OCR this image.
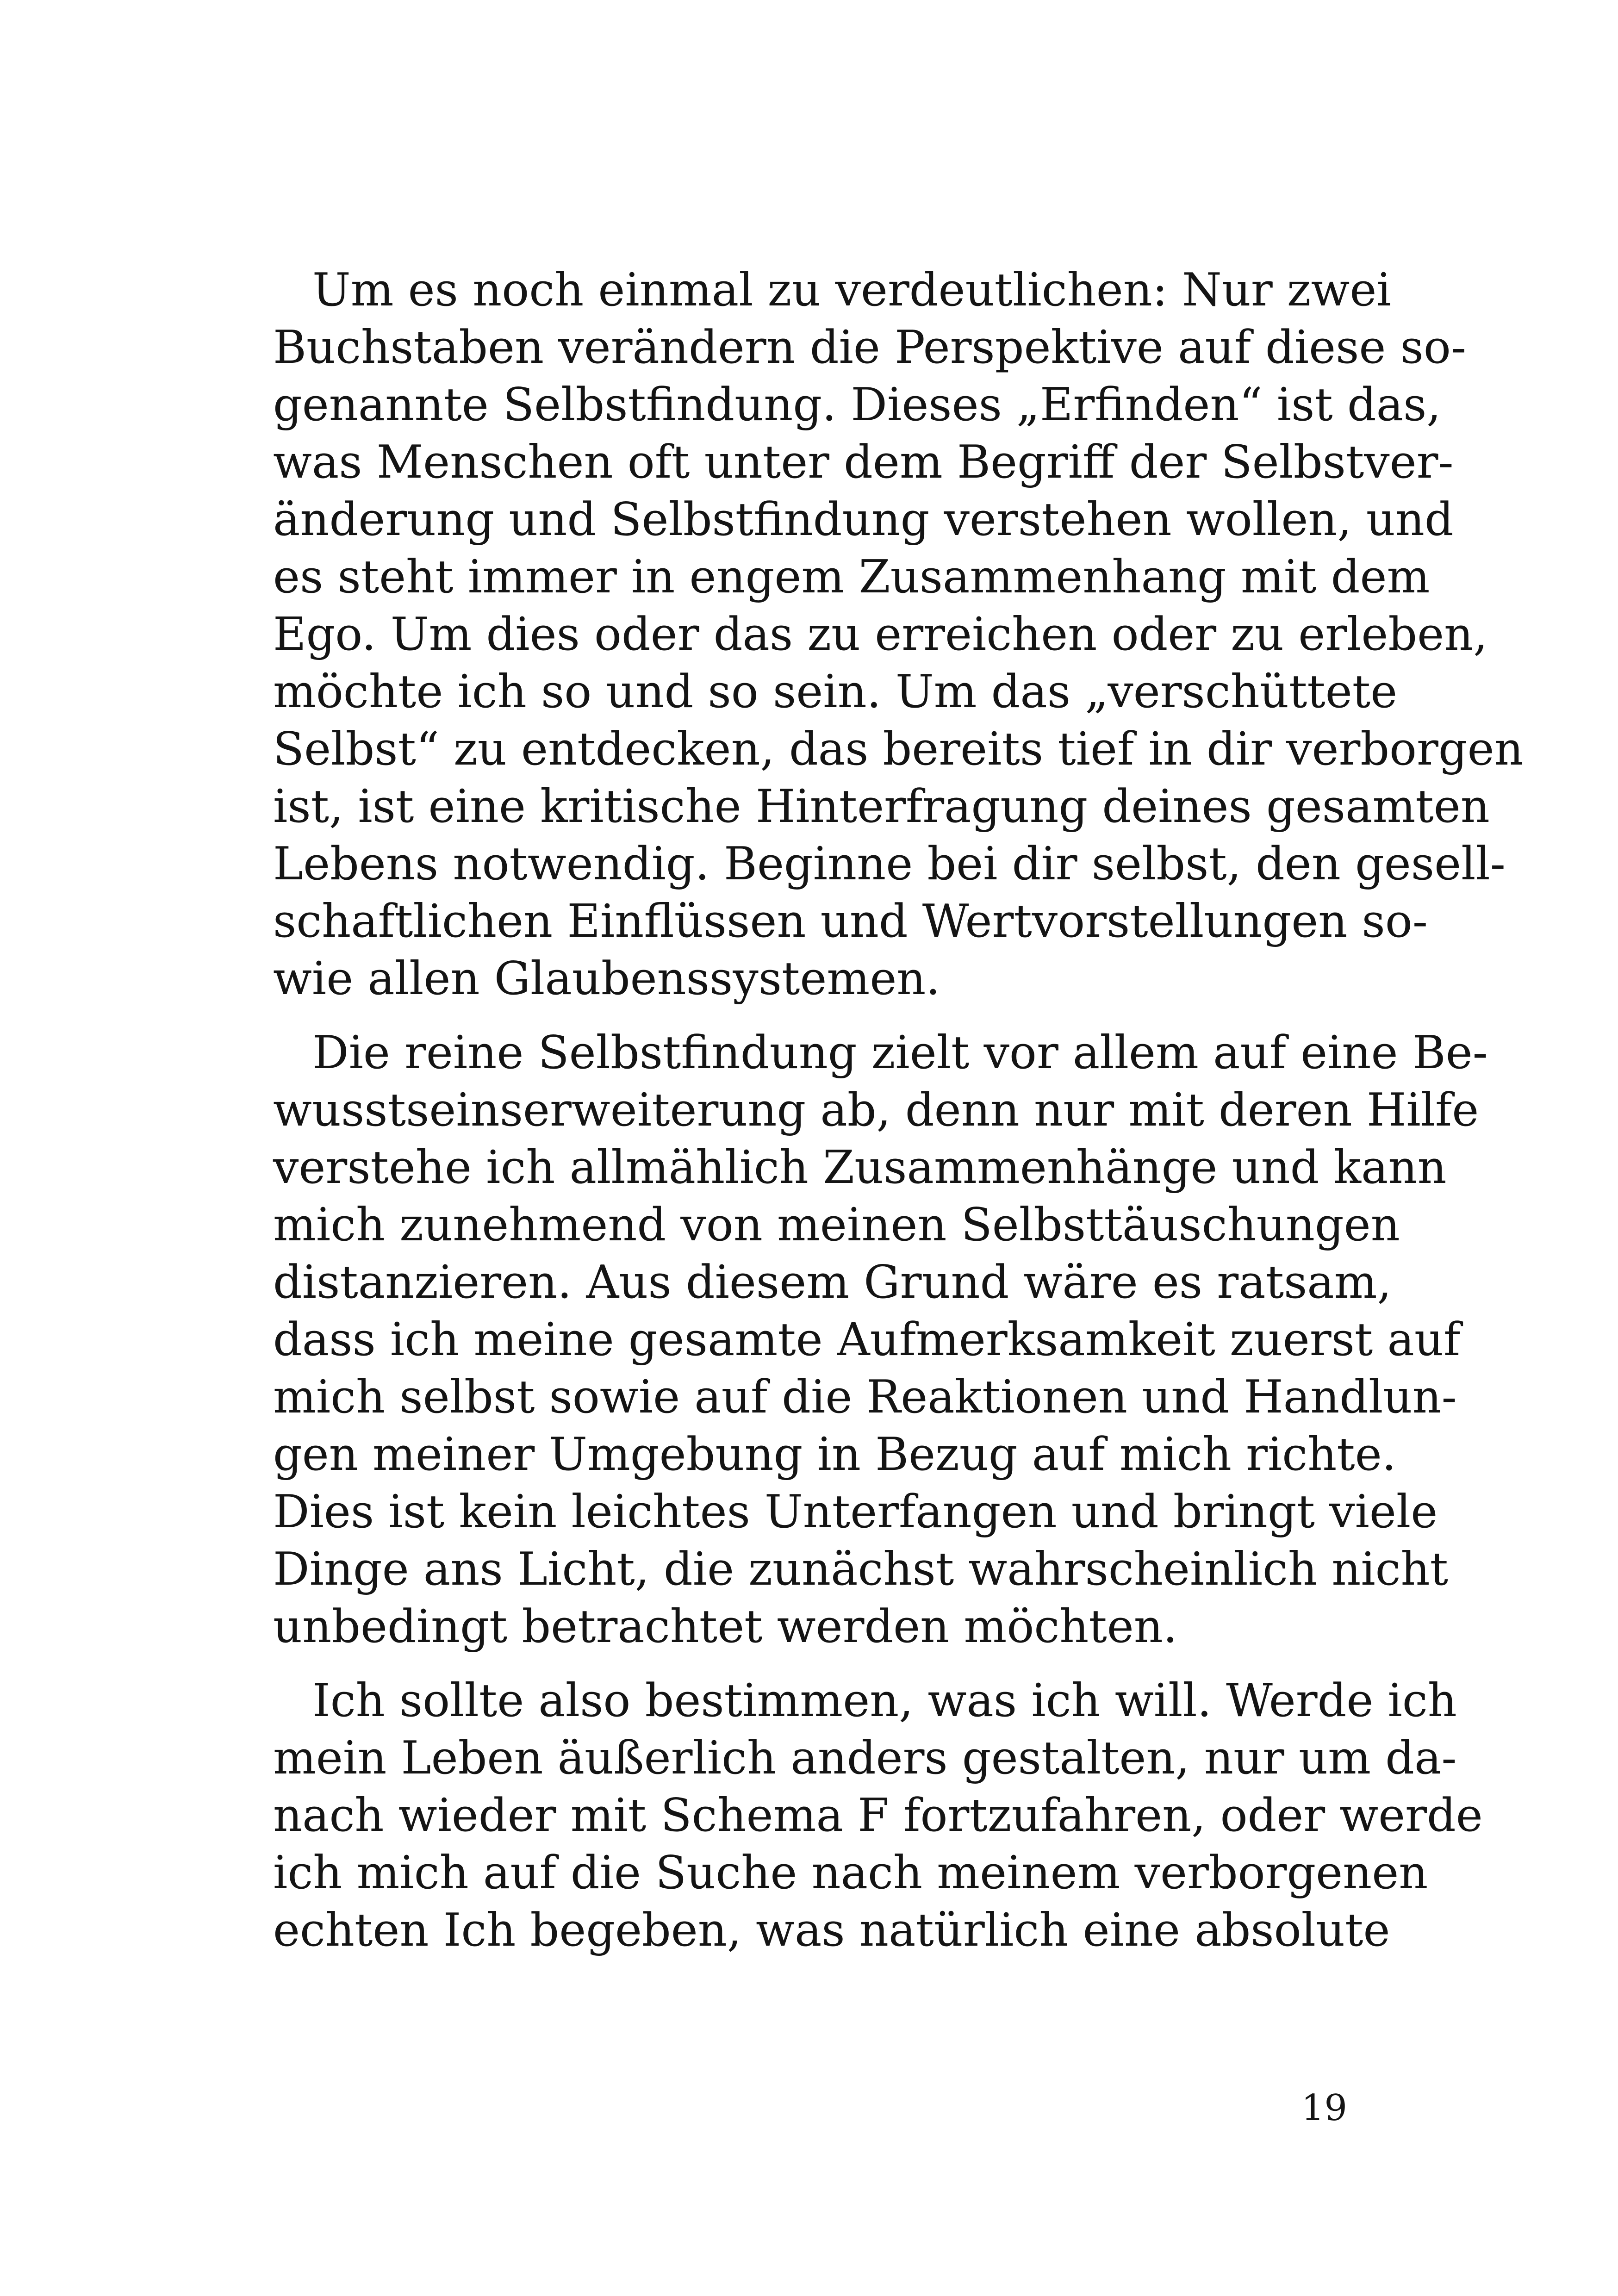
Um es noch einmal zu verdeutlichen: Nur zwei
Buchstaben verändern die Perspektive auf diese so-
genannte Selbstfindung. Dieses „Erfinden“ ist das,
was Menschen oft unter dem Begriff der Selbstver-
änderung und Selbstfindung verstehen wollen, und
es steht immer in engem Zusammenhang mit dem
Ego. Um dies oder das zu erreichen oder zu erleben,
möchte ich so und so sein. Um das „verschüttete
Selbst“ zu entdecken, das bereits tief in dir verborgen
ist, ist eine kritische Hinterfragung deines gesamten
Lebens notwendig. Beginne bei dir selbst, den gesell-
schaftlichen Einflüssen und Wertvorstellungen so-
wie allen Glaubenssystemen.
Die reine Selbstfindung zielt vor allem auf eine Be-
wusstseinserweiterung ab, denn nur mit deren Hilfe
verstehe ich allmählich Zusammenhänge und kann
mich zunehmend von meinen Selbsttäuschungen
distanzieren. Aus diesem Grund wäre es ratsam,
dass ich meine gesamte Aufmerksamkeit zuerst auf
mich selbst sowie auf die Reaktionen und Handlun-
gen meiner Umgebung in Bezug auf mich richte.
Dies ist kein leichtes Unterfangen und bringt viele
Dinge ans Licht, die zunächst wahrscheinlich nicht
unbedingt betrachtet werden möchten.
Ich sollte also bestimmen, was ich will. Werde ich
mein Leben äußerlich anders gestalten, nur um da-
nach wieder mit Schema F fortzufahren, oder werde
ich mich auf die Suche nach meinem verborgenen
echten Ich begeben, was natürlich eine absolute
19
